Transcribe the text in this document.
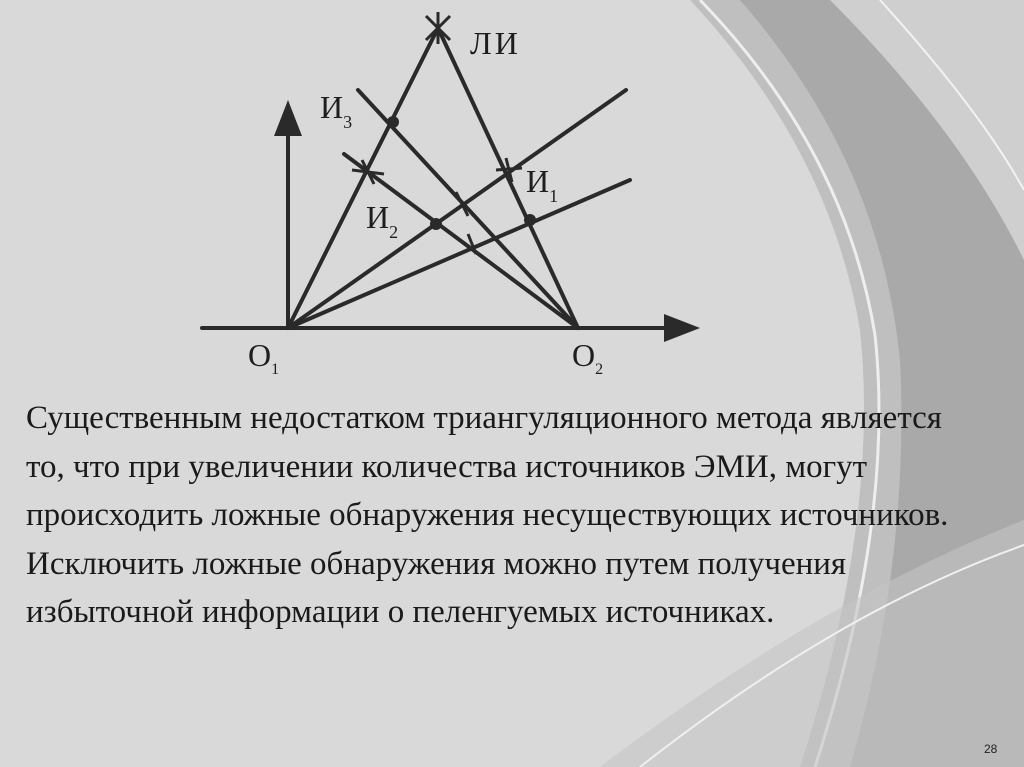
ЛИ
$И_3$
$И_2$
$И_1$
$O_1$	$O_2$

Существенным недостатком триангуляционного метода является то, что при увеличении количества источников ЭМИ, могут происходить ложные обнаружения несуществующих источников.

Исключить ложные обнаружения можно путем получения избыточной информации о пеленгуемых источниках.

28
